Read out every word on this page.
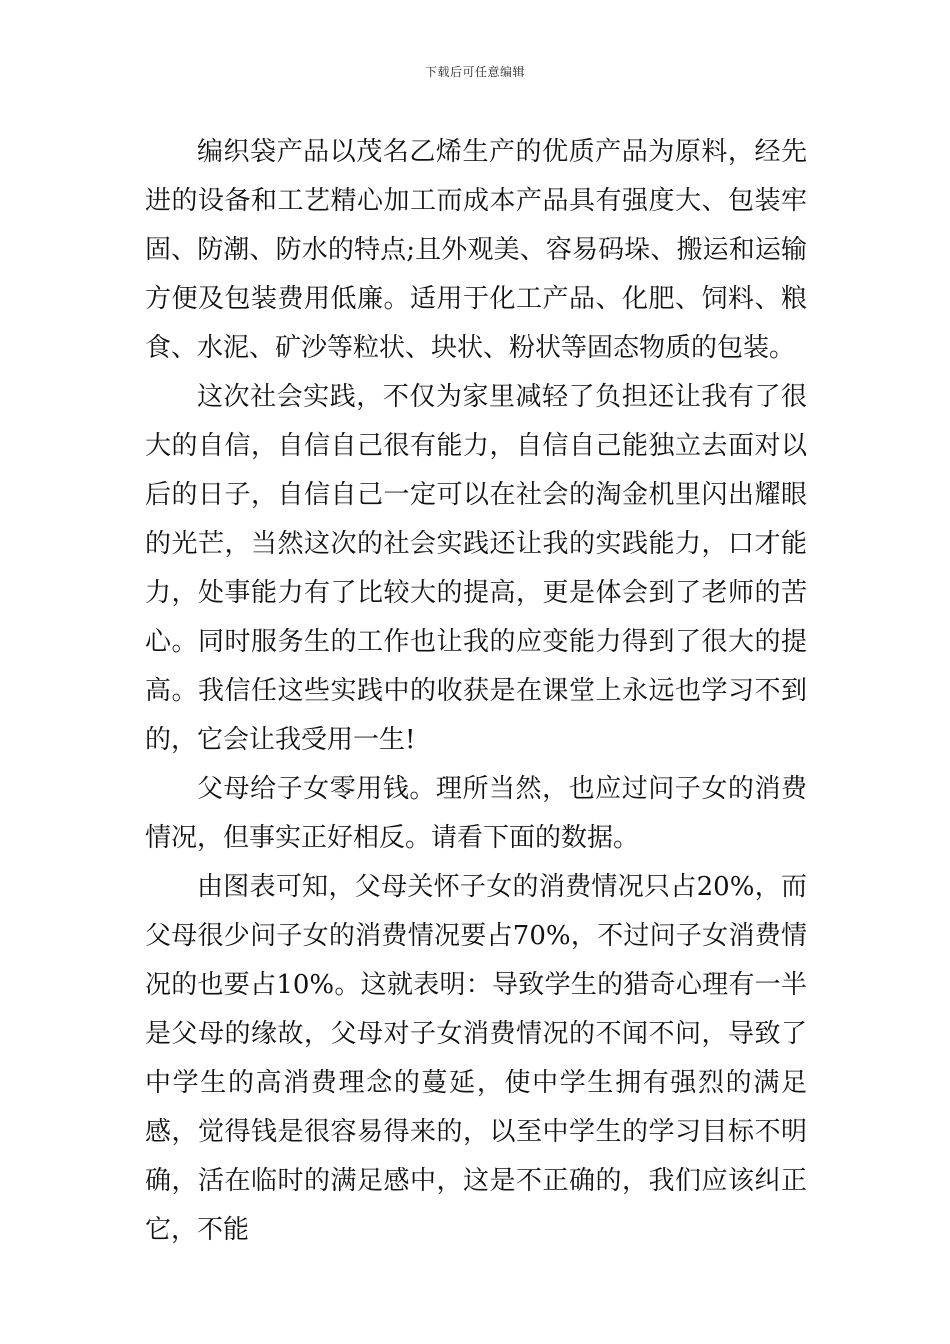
下载后可任意编辑

编织袋产品以茂名乙烯生产的优质产品为原料，经先进的设备和工艺精心加工而成本产品具有强度大、包装牢固、防潮、防水的特点;且外观美、容易码垛、搬运和运输方便及包装费用低廉。适用于化工产品、化肥、饲料、粮食、水泥、矿沙等粒状、块状、粉状等固态物质的包装。

这次社会实践，不仅为家里减轻了负担还让我有了很大的自信，自信自己很有能力，自信自己能独立去面对以后的日子，自信自己一定可以在社会的淘金机里闪出耀眼的光芒，当然这次的社会实践还让我的实践能力，口才能力，处事能力有了比较大的提高，更是体会到了老师的苦心。同时服务生的工作也让我的应变能力得到了很大的提高。我信任这些实践中的收获是在课堂上永远也学习不到的，它会让我受用一生!

父母给子女零用钱。理所当然，也应过问子女的消费情况，但事实正好相反。请看下面的数据。

由图表可知，父母关怀子女的消费情况只占20%，而父母很少问子女的消费情况要占70%，不过问子女消费情况的也要占10%。这就表明：导致学生的猎奇心理有一半是父母的缘故，父母对子女消费情况的不闻不问，导致了中学生的高消费理念的蔓延，使中学生拥有强烈的满足感，觉得钱是很容易得来的，以至中学生的学习目标不明确，活在临时的满足感中，这是不正确的，我们应该纠正它，不能
